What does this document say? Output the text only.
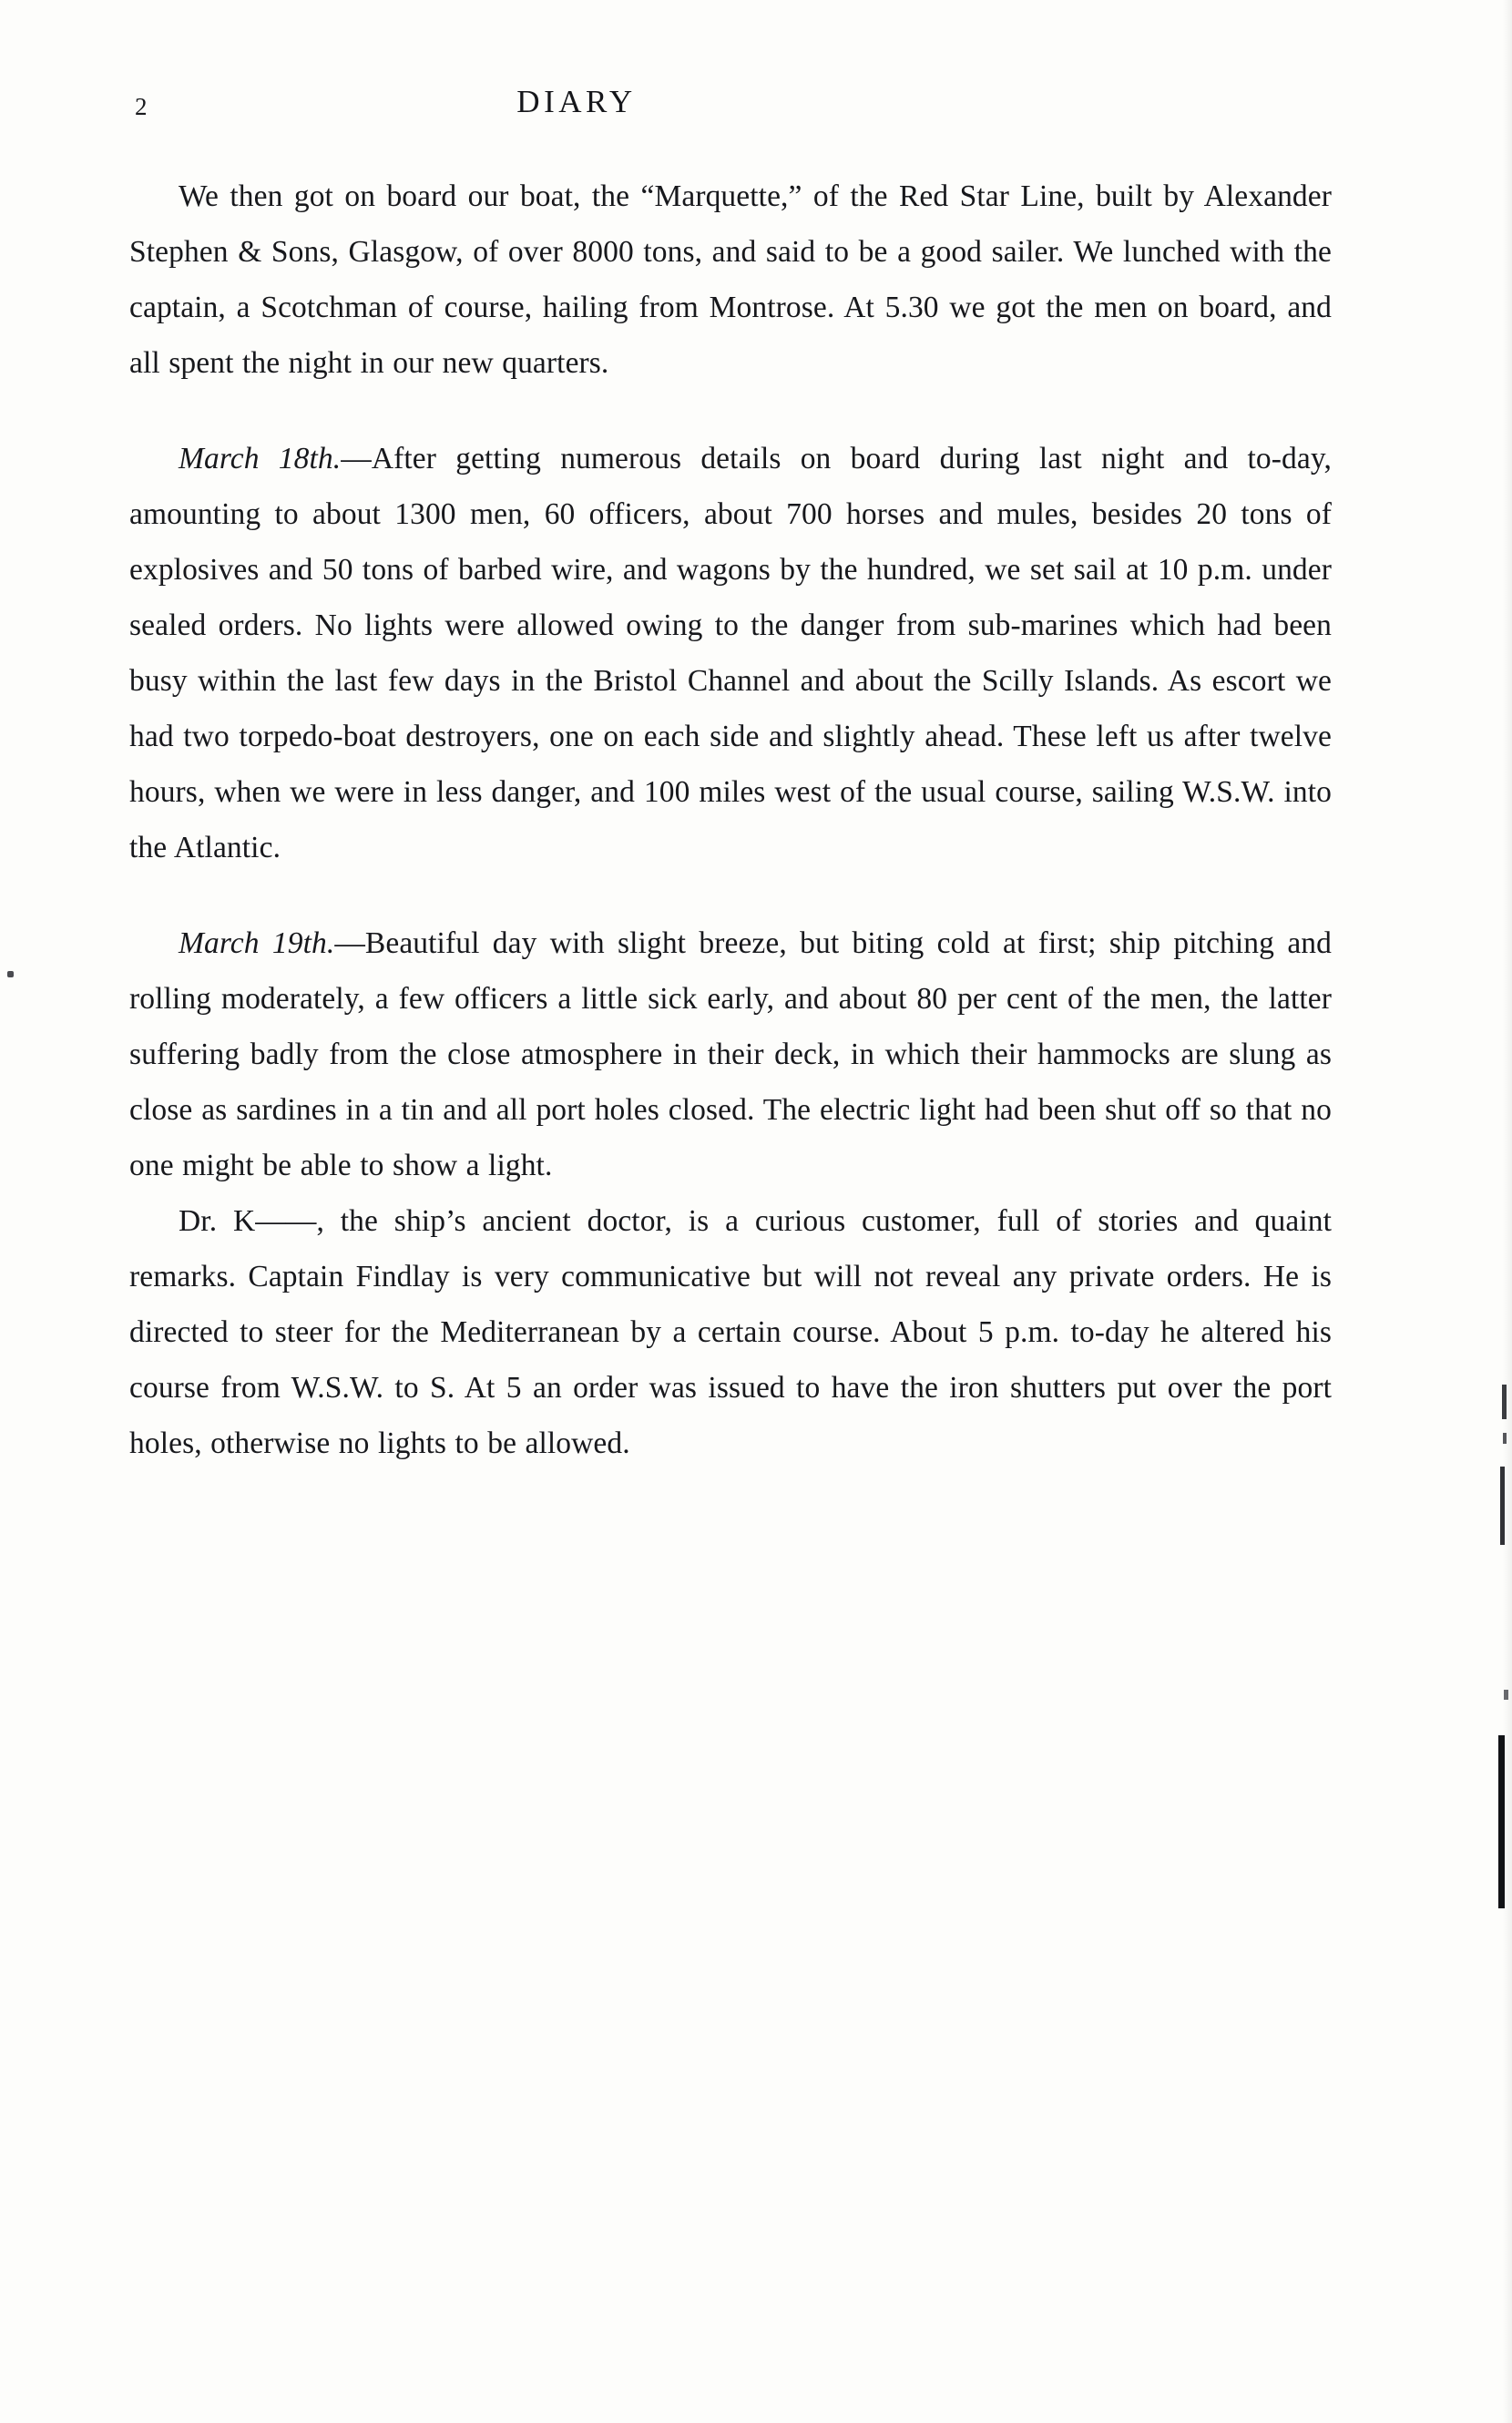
2	DIARY

We then got on board our boat, the “Marquette,” of the Red Star Line, built by Alexander Stephen & Sons, Glasgow, of over 8000 tons, and said to be a good sailer. We lunched with the captain, a Scotchman of course, hailing from Montrose. At 5.30 we got the men on board, and all spent the night in our new quarters.

March 18th.—After getting numerous details on board during last night and to-day, amounting to about 1300 men, 60 officers, about 700 horses and mules, besides 20 tons of explosives and 50 tons of barbed wire, and wagons by the hundred, we set sail at 10 p.m. under sealed orders. No lights were allowed owing to the danger from sub-marines which had been busy within the last few days in the Bristol Channel and about the Scilly Islands. As escort we had two torpedo-boat destroyers, one on each side and slightly ahead. These left us after twelve hours, when we were in less danger, and 100 miles west of the usual course, sailing W.S.W. into the Atlantic.

March 19th.—Beautiful day with slight breeze, but biting cold at first; ship pitching and rolling moderately, a few officers a little sick early, and about 80 per cent of the men, the latter suffering badly from the close atmosphere in their deck, in which their hammocks are slung as close as sardines in a tin and all port holes closed. The electric light had been shut off so that no one might be able to show a light.

Dr. K——, the ship’s ancient doctor, is a curious customer, full of stories and quaint remarks. Captain Findlay is very communicative but will not reveal any private orders. He is directed to steer for the Mediterranean by a certain course. About 5 p.m. to-day he altered his course from W.S.W. to S. At 5 an order was issued to have the iron shutters put over the port holes, otherwise no lights to be allowed.
